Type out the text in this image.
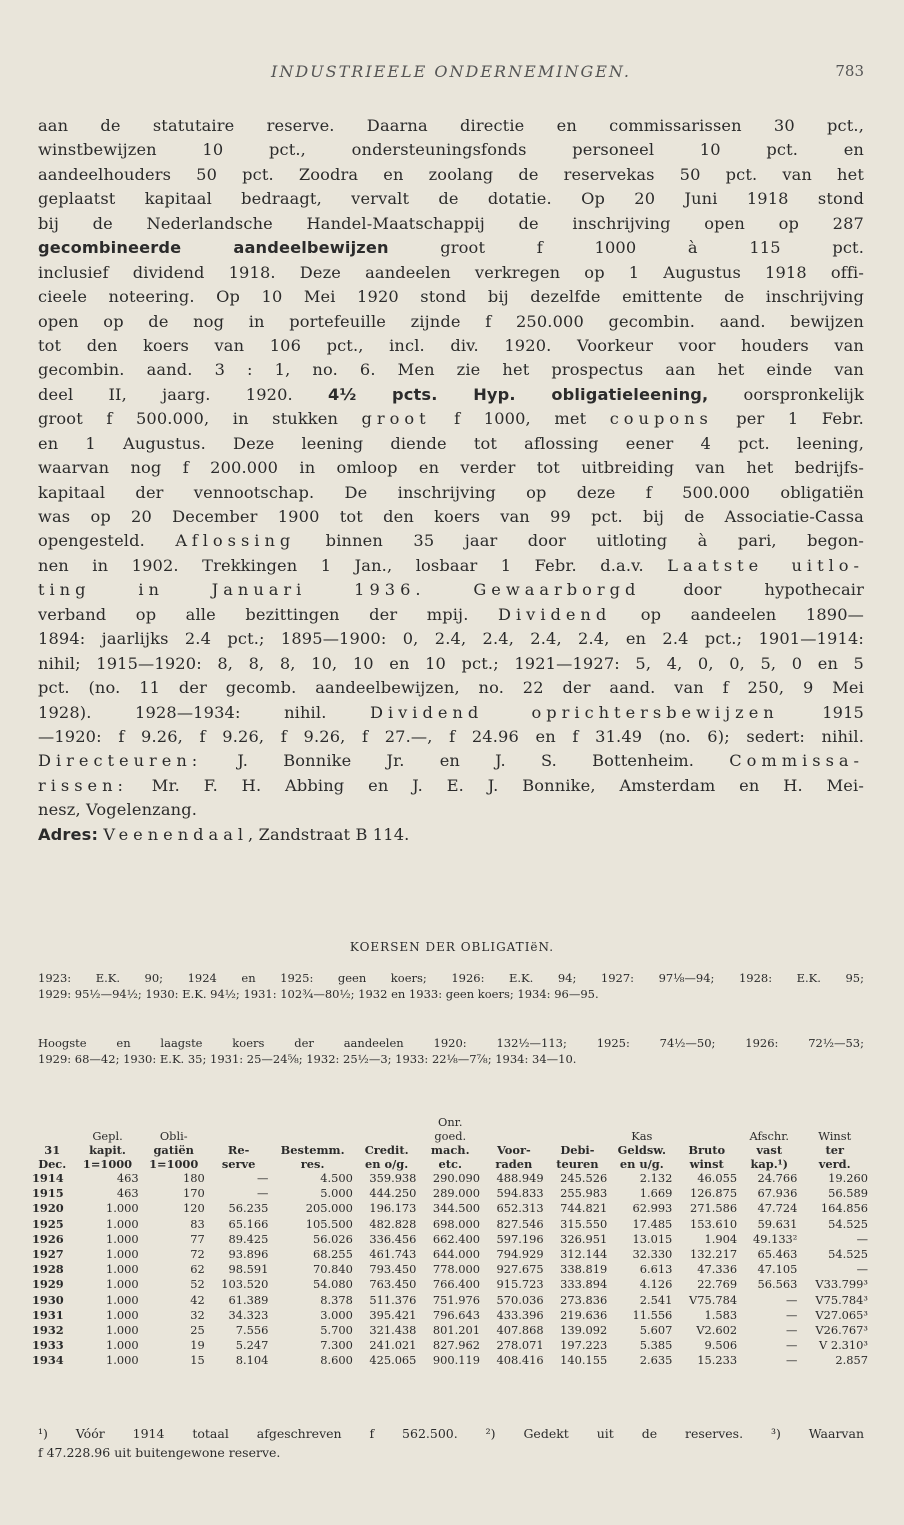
INDUSTRIEELE ONDERNEMINGEN.	783
aan de statutaire reserve. Daarna directie en commissarissen 30 pct.,
winstbewijzen 10 pct., ondersteuningsfonds personeel 10 pct. en
aandeelhouders 50 pct. Zoodra en zoolang de reservekas 50 pct. van het
geplaatst kapitaal bedraagt, vervalt de dotatie. Op 20 Juni 1918 stond
bij de Nederlandsche Handel-Maatschappij de inschrijving open op 287
gecombineerde aandeelbewijzen groot f 1000 à 115 pct.
inclusief dividend 1918. Deze aandeelen verkregen op 1 Augustus 1918 offi-
cieele noteering. Op 10 Mei 1920 stond bij dezelfde emittente de inschrijving
open op de nog in portefeuille zijnde f 250.000 gecombin. aand. bewijzen
tot den koers van 106 pct., incl. div. 1920. Voorkeur voor houders van
gecombin. aand. 3 : 1, no. 6. Men zie het prospectus aan het einde van
deel II, jaarg. 1920. 4½ pcts. Hyp. obligatieleening, oorspronkelijk
groot f 500.000, in stukken groot f 1000, met coupons per 1 Febr.
en 1 Augustus. Deze leening diende tot aflossing eener 4 pct. leening,
waarvan nog f 200.000 in omloop en verder tot uitbreiding van het bedrijfs-
kapitaal der vennootschap. De inschrijving op deze f 500.000 obligatiën
was op 20 December 1900 tot den koers van 99 pct. bij de Associatie-Cassa
opengesteld. Aflossing binnen 35 jaar door uitloting à pari, begon-
nen in 1902. Trekkingen 1 Jan., losbaar 1 Febr. d.a.v. Laatste uitlo-
ting in Januari 1936. Gewaarborgd door hypothecair
verband op alle bezittingen der mpij. Dividend op aandeelen 1890—
1894: jaarlijks 2.4 pct.; 1895—1900: 0, 2.4, 2.4, 2.4, 2.4, en 2.4 pct.; 1901—1914:
nihil; 1915—1920: 8, 8, 8, 10, 10 en 10 pct.; 1921—1927: 5, 4, 0, 0, 5, 0 en 5
pct. (no. 11 der gecomb. aandeelbewijzen, no. 22 der aand. van f 250, 9 Mei
1928). 1928—1934: nihil. Dividend oprichtersbewijzen 1915
—1920: f 9.26, f 9.26, f 9.26, f 27.—, f 24.96 en f 31.49 (no. 6); sedert: nihil.
Directeuren: J. Bonnike Jr. en J. S. Bottenheim. Commissa-
rissen: Mr. F. H. Abbing en J. E. J. Bonnike, Amsterdam en H. Mei-
nesz, Vogelenzang.
Adres: Veenendaal, Zandstraat B 114.
KOERSEN DER OBLIGATIëN.
1923: E.K. 90; 1924 en 1925: geen koers; 1926: E.K. 94; 1927: 97⅛—94; 1928: E.K. 95;
1929: 95½—94½; 1930: E.K. 94½; 1931: 102¾—80½; 1932 en 1933: geen koers; 1934: 96—95.
Hoogste en laagste koers der aandeelen 1920: 132½—113; 1925: 74½—50; 1926: 72½—53;
1929: 68—42; 1930: E.K. 35; 1931: 25—24⅝; 1932: 25½—3; 1933: 22⅛—7⅞; 1934: 34—10.
						Onr.						
	Gepl.	Obli-				goed.			Kas		Afschr.	Winst
31	kapit.	gatiën	Re-	Bestemm.	Credit.	mach.	Voor-	Debi-	Geldsw.	Bruto	vast	ter
Dec.	1=1000	1=1000	serve	res.	en o/g.	etc.	raden	teuren	en u/g.	winst	kap.¹)	verd.
1914	463	180	—	4.500	359.938	290.090	488.949	245.526	2.132	46.055	24.766	19.260
1915	463	170	—	5.000	444.250	289.000	594.833	255.983	1.669	126.875	67.936	56.589
1920	1.000	120	56.235	205.000	196.173	344.500	652.313	744.821	62.993	271.586	47.724	164.856
1925	1.000	83	65.166	105.500	482.828	698.000	827.546	315.550	17.485	153.610	59.631	54.525
1926	1.000	77	89.425	56.026	336.456	662.400	597.196	326.951	13.015	1.904	49.133²	—
1927	1.000	72	93.896	68.255	461.743	644.000	794.929	312.144	32.330	132.217	65.463	54.525
1928	1.000	62	98.591	70.840	793.450	778.000	927.675	338.819	6.613	47.336	47.105	—
1929	1.000	52	103.520	54.080	763.450	766.400	915.723	333.894	4.126	22.769	56.563	V33.799³
1930	1.000	42	61.389	8.378	511.376	751.976	570.036	273.836	2.541	V75.784	—	V75.784³
1931	1.000	32	34.323	3.000	395.421	796.643	433.396	219.636	11.556	1.583	—	V27.065³
1932	1.000	25	7.556	5.700	321.438	801.201	407.868	139.092	5.607	V2.602	—	V26.767³
1933	1.000	19	5.247	7.300	241.021	827.962	278.071	197.223	5.385	9.506	—	V 2.310³
1934	1.000	15	8.104	8.600	425.065	900.119	408.416	140.155	2.635	15.233	—	2.857
¹) Vóór 1914 totaal afgeschreven f 562.500. ²) Gedekt uit de reserves. ³) Waarvan
f 47.228.96 uit buitengewone reserve.
